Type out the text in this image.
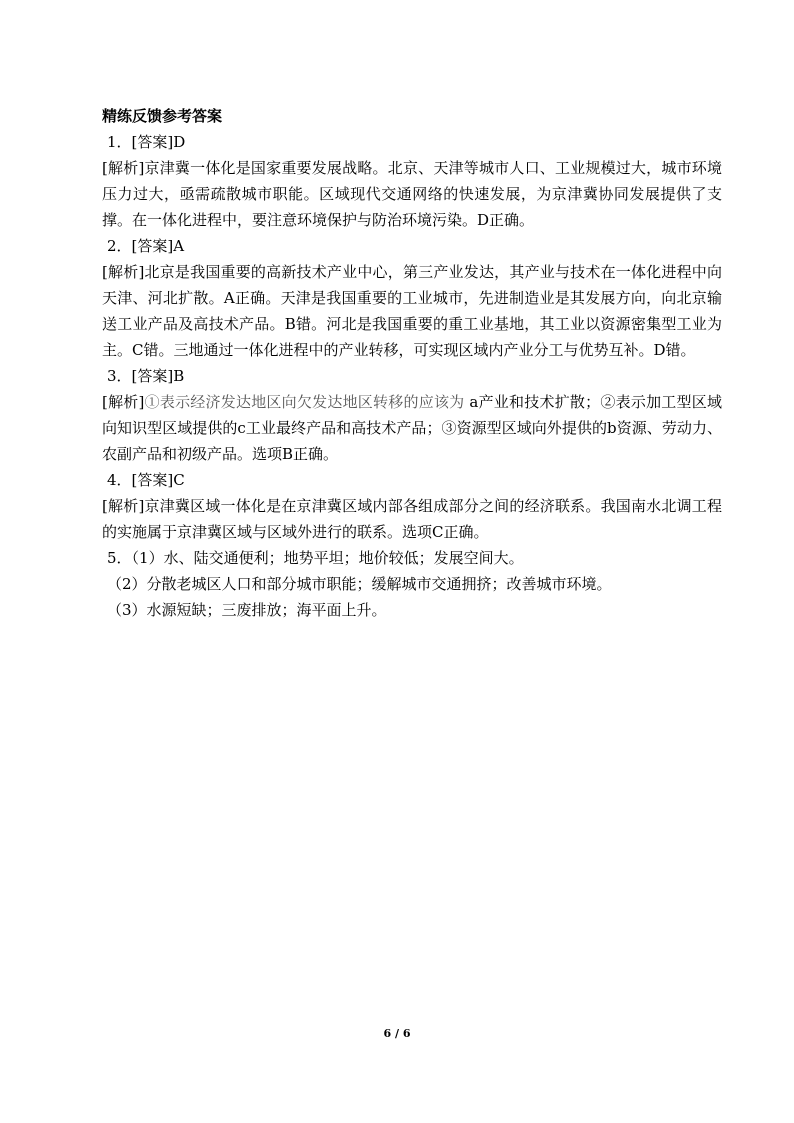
精练反馈参考答案

1．[答案]D

[解析]京津冀一体化是国家重要发展战略。北京、天津等城市人口、工业规模过大，城市环境压力过大，亟需疏散城市职能。区域现代交通网络的快速发展，为京津冀协同发展提供了支撑。在一体化进程中，要注意环境保护与防治环境污染。D正确。

2．[答案]A

[解析]北京是我国重要的高新技术产业中心，第三产业发达，其产业与技术在一体化进程中向天津、河北扩散。A正确。天津是我国重要的工业城市，先进制造业是其发展方向，向北京输送工业产品及高技术产品。B错。河北是我国重要的重工业基地，其工业以资源密集型工业为主。C错。三地通过一体化进程中的产业转移，可实现区域内产业分工与优势互补。D错。

3．[答案]B

[解析]①表示经济发达地区向欠发达地区转移的应该为 a产业和技术扩散；②表示加工型区域向知识型区域提供的c工业最终产品和高技术产品；③资源型区域向外提供的b资源、劳动力、农副产品和初级产品。选项B正确。

4．[答案]C

[解析]京津冀区域一体化是在京津冀区域内部各组成部分之间的经济联系。我国南水北调工程的实施属于京津冀区域与区域外进行的联系。选项C正确。

5．（1）水、陆交通便利；地势平坦；地价较低；发展空间大。

（2）分散老城区人口和部分城市职能；缓解城市交通拥挤；改善城市环境。

（3）水源短缺；三废排放；海平面上升。

6 / 6
